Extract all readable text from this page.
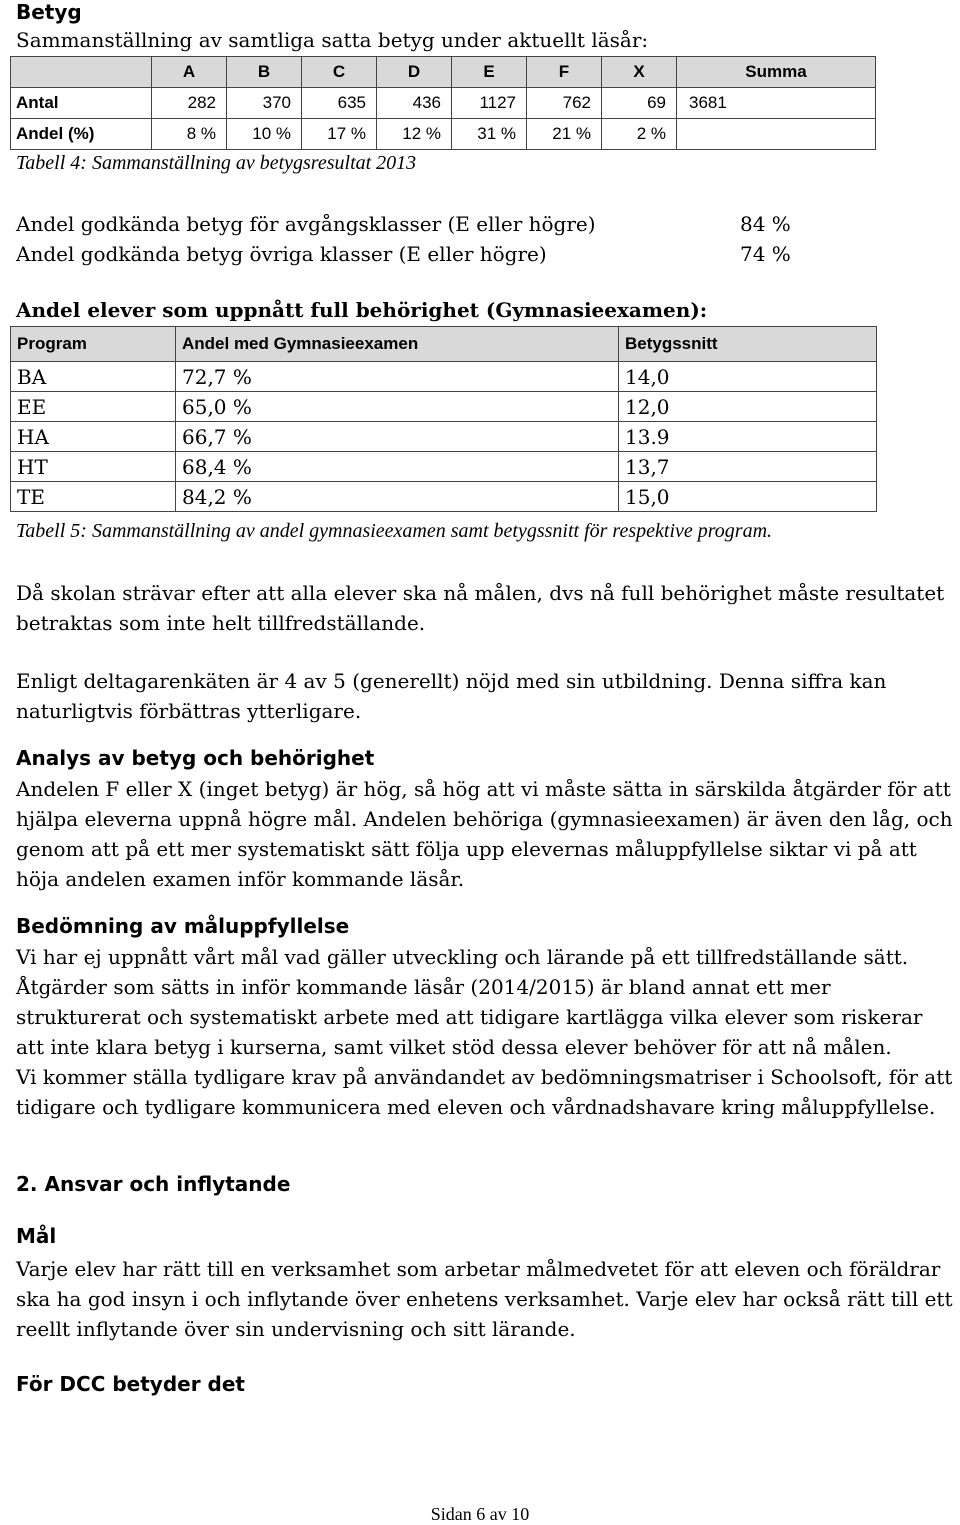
Betyg
Sammanställning av samtliga satta betyg under aktuellt läsår:
	A	B	C	D	E	F	X	Summa
Antal	282	370	635	436	1127	762	69	3681
Andel (%)	8 %	10 %	17 %	12 %	31 %	21 %	2 %	
Tabell 4: Sammanställning av betygsresultat 2013
Andel godkända betyg för avgångsklasser (E eller högre)	84 %
Andel godkända betyg övriga klasser (E eller högre)	74 %
Andel elever som uppnått full behörighet (Gymnasieexamen):
Program	Andel med Gymnasieexamen	Betygssnitt
BA	72,7 %	14,0
EE	65,0 %	12,0
HA	66,7 %	13.9
HT	68,4 %	13,7
TE	84,2 %	15,0
Tabell 5: Sammanställning av andel gymnasieexamen samt betygssnitt för respektive program.
Då skolan strävar efter att alla elever ska nå målen, dvs nå full behörighet måste resultatet betraktas som inte helt tillfredställande.
Enligt deltagarenkäten är 4 av 5 (generellt) nöjd med sin utbildning. Denna siffra kan naturligtvis förbättras ytterligare.
Analys av betyg och behörighet
Andelen F eller X (inget betyg) är hög, så hög att vi måste sätta in särskilda åtgärder för att hjälpa eleverna uppnå högre mål. Andelen behöriga (gymnasieexamen) är även den låg, och genom att på ett mer systematiskt sätt följa upp elevernas måluppfyllelse siktar vi på att höja andelen examen inför kommande läsår.
Bedömning av måluppfyllelse
Vi har ej uppnått vårt mål vad gäller utveckling och lärande på ett tillfredställande sätt.
Åtgärder som sätts in inför kommande läsår (2014/2015) är bland annat ett mer strukturerat och systematiskt arbete med att tidigare kartlägga vilka elever som riskerar att inte klara betyg i kurserna, samt vilket stöd dessa elever behöver för att nå målen.
Vi kommer ställa tydligare krav på användandet av bedömningsmatriser i Schoolsoft, för att tidigare och tydligare kommunicera med eleven och vårdnadshavare kring måluppfyllelse.
2. Ansvar och inflytande
Mål
Varje elev har rätt till en verksamhet som arbetar målmedvetet för att eleven och föräldrar ska ha god insyn i och inflytande över enhetens verksamhet. Varje elev har också rätt till ett reellt inflytande över sin undervisning och sitt lärande.
För DCC betyder det
Sidan 6 av 10
